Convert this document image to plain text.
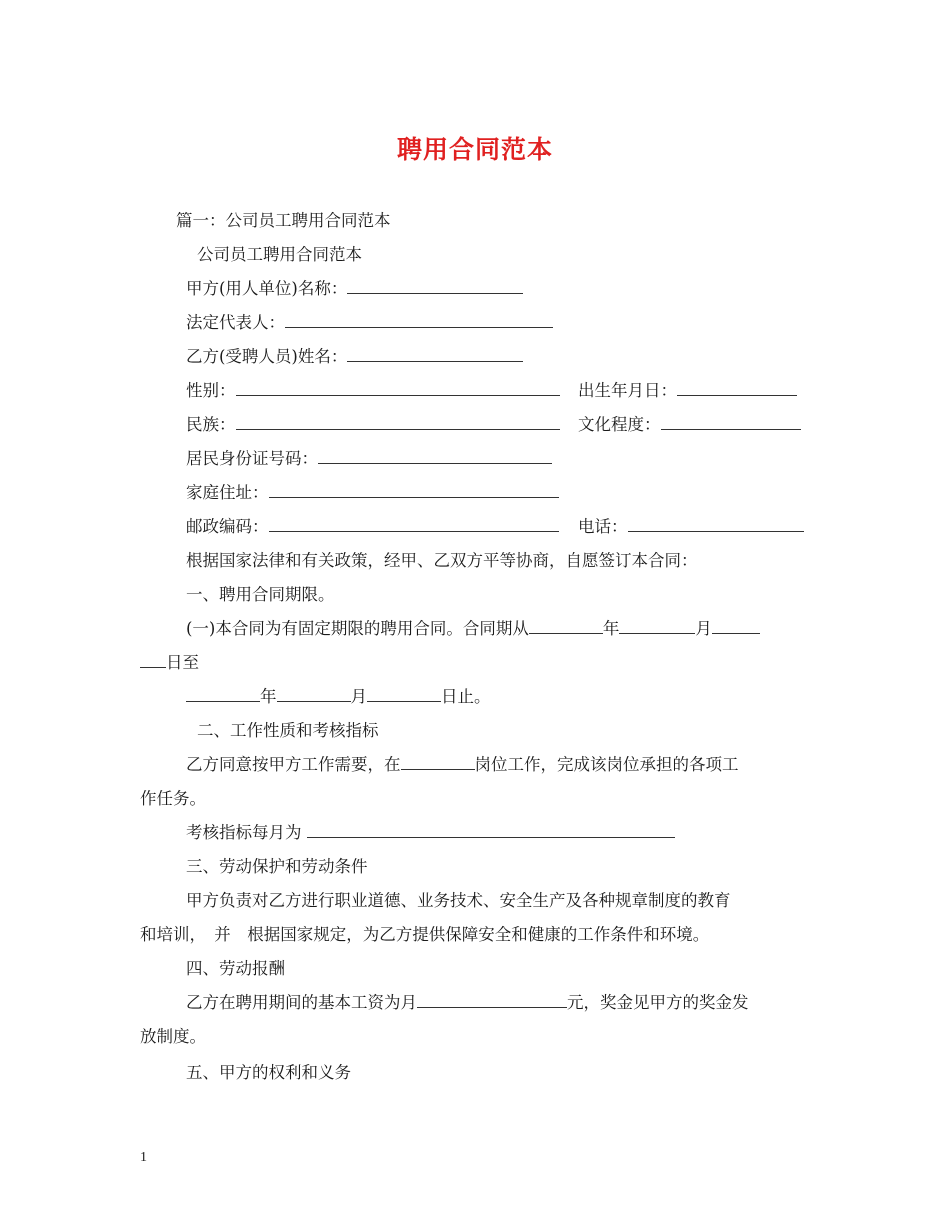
聘用合同范本
篇一：公司员工聘用合同范本
公司员工聘用合同范本
甲方(用人单位)名称：
法定代表人：
乙方(受聘人员)姓名：
性别：	出生年月日：
民族：	文化程度：
居民身份证号码：
家庭住址：
邮政编码：	电话：
根据国家法律和有关政策，经甲、乙双方平等协商，自愿签订本合同：
一、聘用合同期限。
(一)本合同为有固定期限的聘用合同。合同期从	年	月
日至
年	月	日止。
二、工作性质和考核指标
乙方同意按甲方工作需要，在	岗位工作，完成该岗位承担的各项工
作任务。
考核指标每月为
三、劳动保护和劳动条件
甲方负责对乙方进行职业道德、业务技术、安全生产及各种规章制度的教育
和培训，　并　根据国家规定，为乙方提供保障安全和健康的工作条件和环境。
四、劳动报酬
乙方在聘用期间的基本工资为月	元，奖金见甲方的奖金发
放制度。
五、甲方的权利和义务
1
